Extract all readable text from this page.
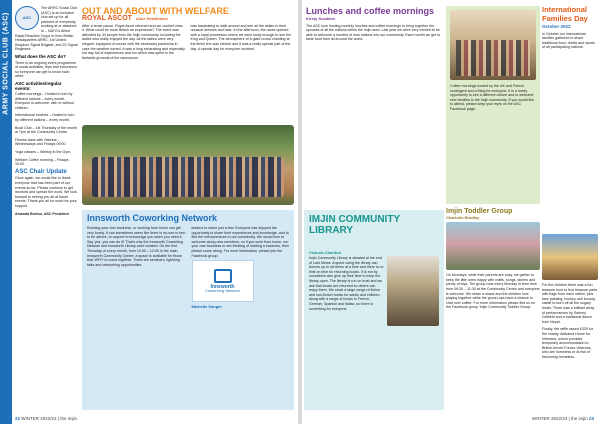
ARMY SOCIAL CLUB (ASC)	ASC

The ARRC Social Club (ASC) is an inclusive club set up for all partners of everybody working at or attached to – NATO's Allied Rapid Reaction Corps or from British Headquarters ARRC, 1st United Kingdom Signal Brigade, and 22 Signal Regiment.

What does the ASC do?

There is an ongoing event programme of social activities, trips and excursions so everyone can get to know each other.

ASC activities/regular events:

Coffee mornings – Hosted in turn by different nations – every month. Everyone is welcome, with or without children.

International lunches – Hosted in turn by different nations – every month.

Book Club – 1st Thursday of the month at 7pm at the Community Centre.

Fitness class with Sabrina – Wednesdays and Fridays 09:00.

Yoga classes – Weekly in the Gym.

Welfare Coffee morning – Fridays 10:00.

ASC Chair Update

Once again, we would like to thank everyone that has been part of our events so far. Please continue to get involved and spread the word. We look forward to seeing you all at future events. Thank you all so much for your support.

Amanda Burton, ASC President

22 WINTER 2022/23 | the imjin
OUT AND ABOUT WITH WELFARE
ROYAL ASCOT Alice Hewitstone
After a tense pause, Royal Ascot returned and we couldn't miss it. What could be more British an experience? The event was attended by 44 people from the Imjin community, including the ladies who really enjoyed the day. All the ladies were very elegant, equipped of course with the necessary pashmina in case the weather turned. It was a long exhausting and especially hot day full of experiences and fun which was spent in the fantastic grounds of the racecourse.
was fascinating to walk around and see all the ladies in their unusual dresses and hats. In the afternoon, the races opened with a royal procession where we were lucky enough to see the King and Queen. The atmosphere of a giant crowd chanting at the finish line was electric and it was a really special part of the day. A special day for everyone involved.
Innsworth Coworking Network
Running your own business, or working from home can get very lonely. It can sometimes seem like there is no-one to turn to for advice, or anyone to encourage you when you need it. Say 'yes, you can do it!' That's why the Innsworth Coworking Network and Innsworth Library were created. On the first Thursday of every month, from 10:00 – 12:00 in the main Innsworth Community Centre, a space is available for those that 'WFH' to come together. There are seminars, lightning talks and networking opportunities.
leaders to name just a few. Everyone has enjoyed the opportunity to share their experiences and knowledge, and to find the entrepreneurs in our community. We would love to welcome along new members, so if you work from home, run your own business or are thinking of starting a business, then please come along. For more information, please join the Facebook group.
Innsworth
Coworking Network
Michelle Sanger
Lunches and coffee mornings
Kirsty Scadden

The ASC love hosting monthly lunches and coffee mornings to bring together the spouses of all the nations within the Imjin area. Last year we were very excited to be able to welcome a number of new nations into our community. Each month we get to taste food from all around the world.

Coffee mornings hosted by the UK and French contingent and a thing for everyone. It is a lovely opportunity to see a different culture and to welcome new families to the Imjin community. If you would like to attend, please keep your eyes on the ASC Facebook page.
International Families Day
October 2022

In October our international families gathered to share traditional food, drinks and sports of all participating nations.

For the children there was a fun treasure hunt to find treasure parts with flags from each nation, plus face painting, hockey and bouncy castle to burn off all the sugary treats. There was a brilliant array of performances by Sammy Garfield and a traditional dance from Nepal.

Finally, the raffle raised £325 for the charity. Alabama Home for Veterans, whom provides temporary accommodation to British Armed Forces Veterans, who are homeless or at risk of becoming homeless.

IMJIN COMMUNITY LIBRARY
Victoria Charlton
Imjin Community Library is situated at the end of Lark Mews. Anyone using the library can borrow up to six items at a time and there is no limit on time for returning books. It is run by volunteers who give up their time to keep the library open. The library is run on trust and we ask that books are returned so others can enjoy them. We stock a large range of fiction and non-fiction books for adults and children, along with a range of books in French, German, Spanish and Italian, so there is something for everyone.
Imjin Toddler Group
Charlotte Bradley

On Mondays, while their parents are busy, we gather to keep the little ones happy with crafts, songs, stories and plenty of toys. The group runs every Monday in term time from 09:30 – 11:30 at the Community Centre and everyone is welcome. We share a snack and the children love playing together while the grown-ups have a chance to chat over coffee. For more information please find us on the Facebook group 'Imjin Community Toddler Group'.

WINTER 2022/23 | the imjin 23
